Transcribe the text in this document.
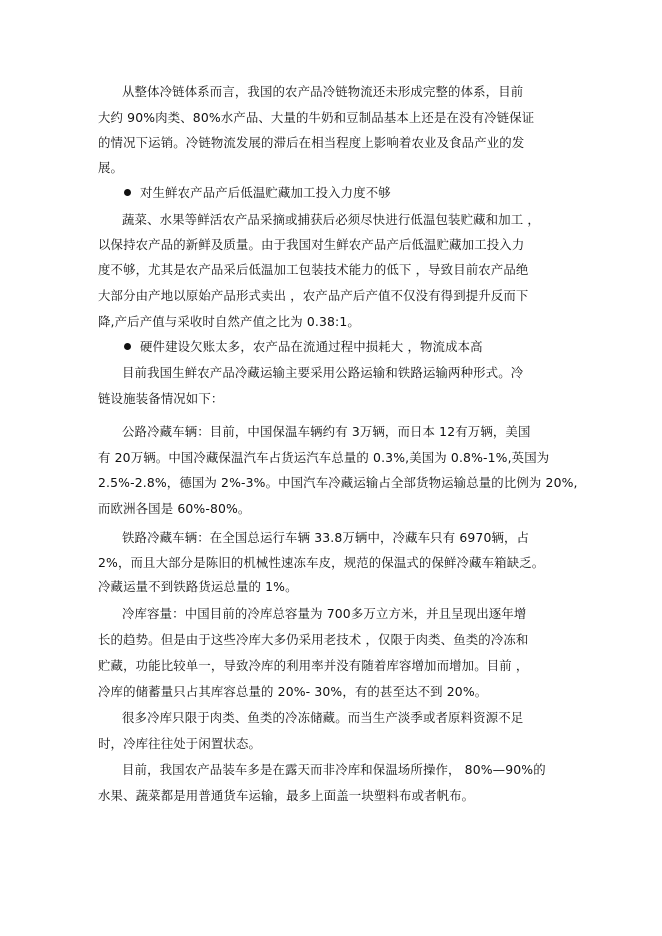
从整体冷链体系而言，我国的农产品冷链物流还未形成完整的体系，目前
大约 90%肉类、80%水产品、大量的牛奶和豆制品基本上还是在没有冷链保证
的情况下运销。冷链物流发展的滞后在相当程度上影响着农业及食品产业的发
展。
对生鲜农产品产后低温贮藏加工投入力度不够
蔬菜、水果等鲜活农产品采摘或捕获后必须尽快进行低温包装贮藏和加工 ，
以保持农产品的新鲜及质量。由于我国对生鲜农产品产后低温贮藏加工投入力
度不够，尤其是农产品采后低温加工包装技术能力的低下 ，导致目前农产品绝
大部分由产地以原始产品形式卖出 ，农产品产后产值不仅没有得到提升反而下
降,产后产值与采收时自然产值之比为 0.38:1。
硬件建设欠账太多，农产品在流通过程中损耗大 ，物流成本高
目前我国生鲜农产品冷藏运输主要采用公路运输和铁路运输两种形式。冷
链设施装备情况如下：
公路冷藏车辆：目前，中国保温车辆约有 3万辆，而日本 12有万辆，美国
有 20万辆。中国冷藏保温汽车占货运汽车总量的 0.3%,美国为 0.8%-1%,英国为
2.5%-2.8%，德国为 2%-3%。中国汽车冷藏运输占全部货物运输总量的比例为 20%,
而欧洲各国是 60%-80%。
铁路冷藏车辆：在全国总运行车辆 33.8万辆中，冷藏车只有 6970辆，占
2%，而且大部分是陈旧的机械性速冻车皮，规范的保温式的保鲜冷藏车箱缺乏。
冷藏运量不到铁路货运总量的 1%。
冷库容量：中国目前的冷库总容量为 700多万立方米，并且呈现出逐年增
长的趋势。但是由于这些冷库大多仍采用老技术 ，仅限于肉类、鱼类的冷冻和
贮藏，功能比较单一，导致冷库的利用率并没有随着库容增加而增加。目前 ，
冷库的储蓄量只占其库容总量的 20%- 30%，有的甚至达不到 20%。
很多冷库只限于肉类、鱼类的冷冻储藏。而当生产淡季或者原料资源不足
时，冷库往往处于闲置状态。
目前，我国农产品装车多是在露天而非冷库和保温场所操作， 80%—90%的
水果、蔬菜都是用普通货车运输，最多上面盖一块塑料布或者帆布。
